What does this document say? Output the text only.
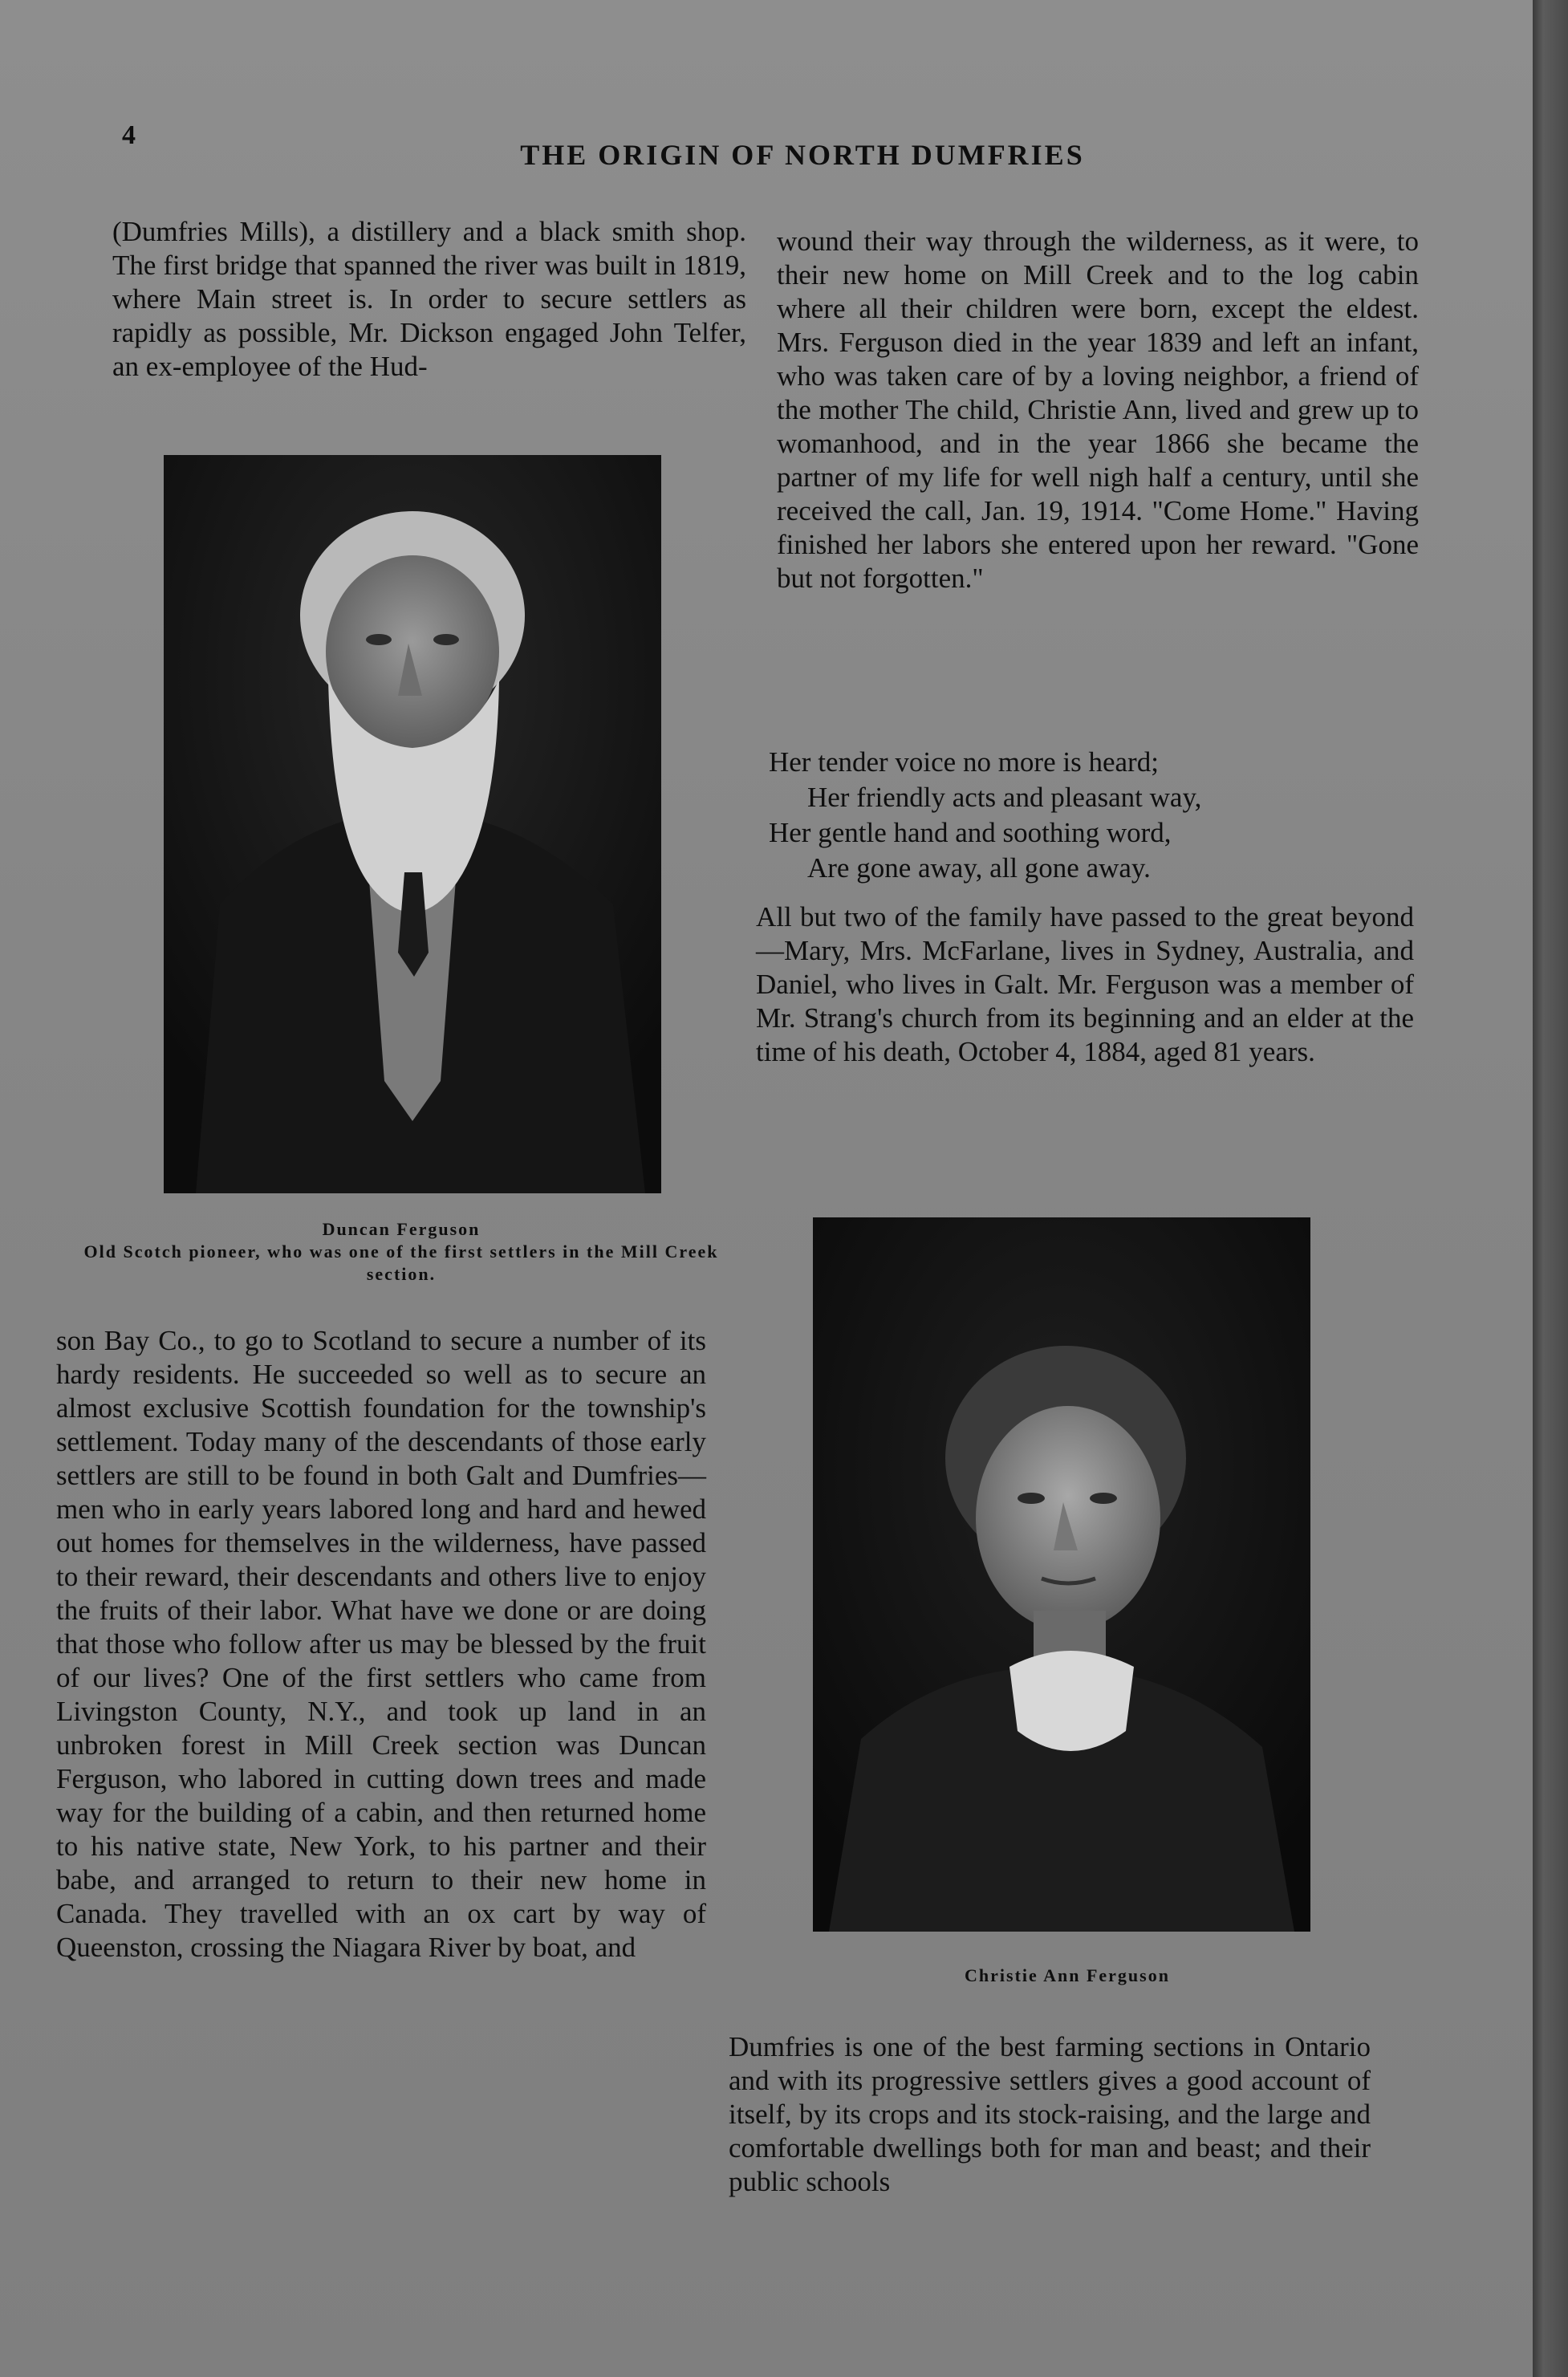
4
THE ORIGIN OF NORTH DUMFRIES

(Dumfries Mills), a distillery and a black smith shop. The first bridge that spanned the river was built in 1819, where Main street is. In order to secure settlers as rapidly as possible, Mr. Dickson engaged John Telfer, an ex-employee of the Hud-

Duncan Ferguson
Old Scotch pioneer, who was one of the first settlers in the Mill Creek section.

son Bay Co., to go to Scotland to secure a number of its hardy residents. He succeeded so well as to secure an almost exclusive Scottish foundation for the township's settlement. Today many of the descendants of those early settlers are still to be found in both Galt and Dumfries—men who in early years labored long and hard and hewed out homes for themselves in the wilderness, have passed to their reward, their descendants and others live to enjoy the fruits of their labor. What have we done or are doing that those who follow after us may be blessed by the fruit of our lives? One of the first settlers who came from Livingston County, N.Y., and took up land in an unbroken forest in Mill Creek section was Duncan Ferguson, who labored in cutting down trees and made way for the building of a cabin, and then returned home to his native state, New York, to his partner and their babe, and arranged to return to their new home in Canada. They travelled with an ox cart by way of Queenston, crossing the Niagara River by boat, and

wound their way through the wilderness, as it were, to their new home on Mill Creek and to the log cabin where all their children were born, except the eldest. Mrs. Ferguson died in the year 1839 and left an infant, who was taken care of by a loving neighbor, a friend of the mother The child, Christie Ann, lived and grew up to womanhood, and in the year 1866 she became the partner of my life for well nigh half a century, until she received the call, Jan. 19, 1914. "Come Home." Having finished her labors she entered upon her reward. "Gone but not forgotten."

Her tender voice no more is heard;
Her friendly acts and pleasant way,
Her gentle hand and soothing word,
Are gone away, all gone away.

All but two of the family have passed to the great beyond—Mary, Mrs. McFarlane, lives in Sydney, Australia, and Daniel, who lives in Galt. Mr. Ferguson was a member of Mr. Strang's church from its beginning and an elder at the time of his death, October 4, 1884, aged 81 years.

Christie Ann Ferguson

Dumfries is one of the best farming sections in Ontario and with its progressive settlers gives a good account of itself, by its crops and its stock-raising, and the large and comfortable dwellings both for man and beast; and their public schools
